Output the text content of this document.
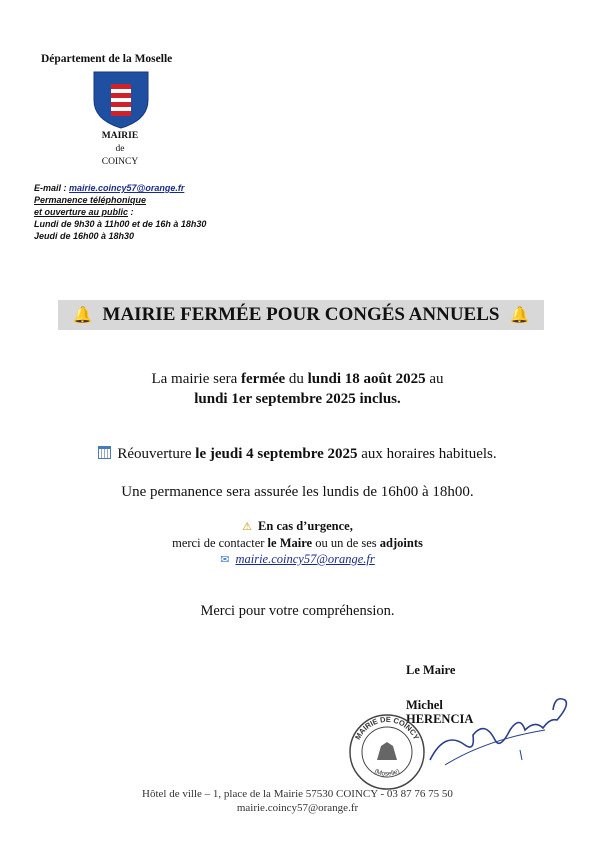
Département de la Moselle
MAIRIE
de
COINCY
E-mail : mairie.coincy57@orange.fr
Permanence téléphonique
et ouverture au public :
Lundi de 9h30 à 11h00 et de 16h à 18h30
Jeudi de 16h00 à 18h30
🔔 MAIRIE FERMÉE POUR CONGÉS ANNUELS 🔔
La mairie sera fermée du lundi 18 août 2025 au
lundi 1er septembre 2025 inclus.
Réouverture le jeudi 4 septembre 2025 aux horaires habituels.
Une permanence sera assurée les lundis de 16h00 à 18h00.
⚠ En cas d’urgence,
merci de contacter le Maire ou un de ses adjoints
✉ mairie.coincy57@orange.fr
Merci pour votre compréhension.
Le Maire
Michel
HERENCIA
MAIRIE DE COINCY
(Moselle)
Hôtel de ville – 1, place de la Mairie 57530 COINCY - 03 87 76 75 50
mairie.coincy57@orange.fr
